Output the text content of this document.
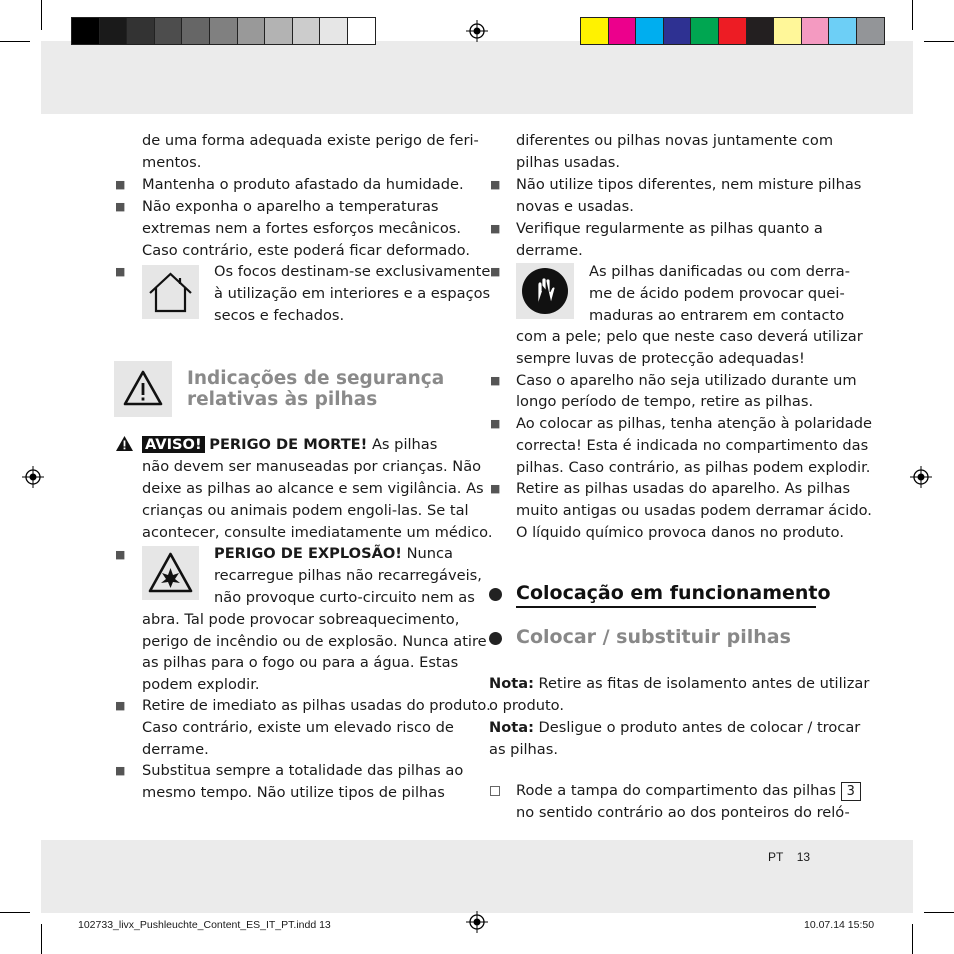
de uma forma adequada existe perigo de feri-
mentos.
■ Mantenha o produto afastado da humidade.
■ Não exponha o aparelho a temperaturas
extremas nem a fortes esforços mecânicos.
Caso contrário, este poderá ficar deformado.
■	Os focos destinam-se exclusivamente
à utilização em interiores e a espaços
secos e fechados.
Indicações de segurança
relativas às pilhas
AVISO! PERIGO DE MORTE! As pilhas
não devem ser manuseadas por crianças. Não
deixe as pilhas ao alcance e sem vigilância. As
crianças ou animais podem engoli-las. Se tal
acontecer, consulte imediatamente um médico.
■	PERIGO DE EXPLOSÃO! Nunca
recarregue pilhas não recarregáveis,
não provoque curto-circuito nem as
abra. Tal pode provocar sobreaquecimento,
perigo de incêndio ou de explosão. Nunca atire
as pilhas para o fogo ou para a água. Estas
podem explodir.
■ Retire de imediato as pilhas usadas do produto.
Caso contrário, existe um elevado risco de
derrame.
■ Substitua sempre a totalidade das pilhas ao
mesmo tempo. Não utilize tipos de pilhas
diferentes ou pilhas novas juntamente com
pilhas usadas.
■ Não utilize tipos diferentes, nem misture pilhas
novas e usadas.
■ Verifique regularmente as pilhas quanto a
derrame.
■	As pilhas danificadas ou com derra-
me de ácido podem provocar quei-
maduras ao entrarem em contacto
com a pele; pelo que neste caso deverá utilizar
sempre luvas de protecção adequadas!
■ Caso o aparelho não seja utilizado durante um
longo período de tempo, retire as pilhas.
■ Ao colocar as pilhas, tenha atenção à polaridade
correcta! Esta é indicada no compartimento das
pilhas. Caso contrário, as pilhas podem explodir.
■ Retire as pilhas usadas do aparelho. As pilhas
muito antigas ou usadas podem derramar ácido.
O líquido químico provoca danos no produto.
Colocação em funcionamento
Colocar / substituir pilhas
Nota: Retire as fitas de isolamento antes de utilizar
o produto.
Nota: Desligue o produto antes de colocar / trocar
as pilhas.
Rode a tampa do compartimento das pilhas 3
no sentido contrário ao dos ponteiros do reló-
PT 13
102733_livx_Pushleuchte_Content_ES_IT_PT.indd 13	10.07.14 15:50
